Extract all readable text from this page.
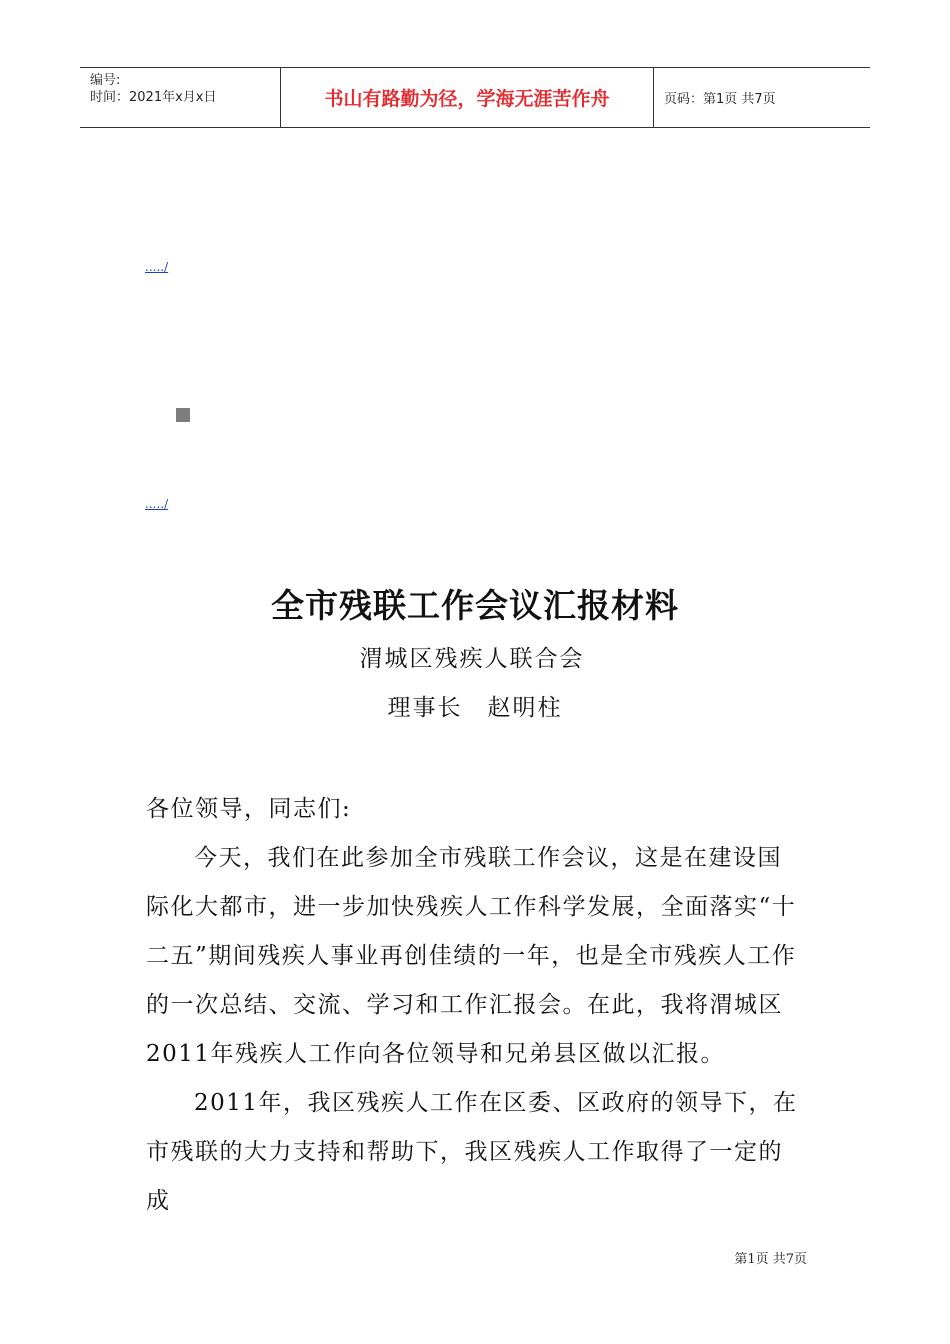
编号:
时间：2021年x月x日	书山有路勤为径，学海无涯苦作舟	页码：第1页 共7页
...../
...../
全市残联工作会议汇报材料
渭城区残疾人联合会
理事长　赵明柱

各位领导，同志们:

今天，我们在此参加全市残联工作会议，这是在建设国际化大都市，进一步加快残疾人工作科学发展，全面落实“十二五”期间残疾人事业再创佳绩的一年，也是全市残疾人工作的一次总结、交流、学习和工作汇报会。在此，我将渭城区2011年残疾人工作向各位领导和兄弟县区做以汇报。

2011年，我区残疾人工作在区委、区政府的领导下，在市残联的大力支持和帮助下，我区残疾人工作取得了一定的成

第1页 共7页
